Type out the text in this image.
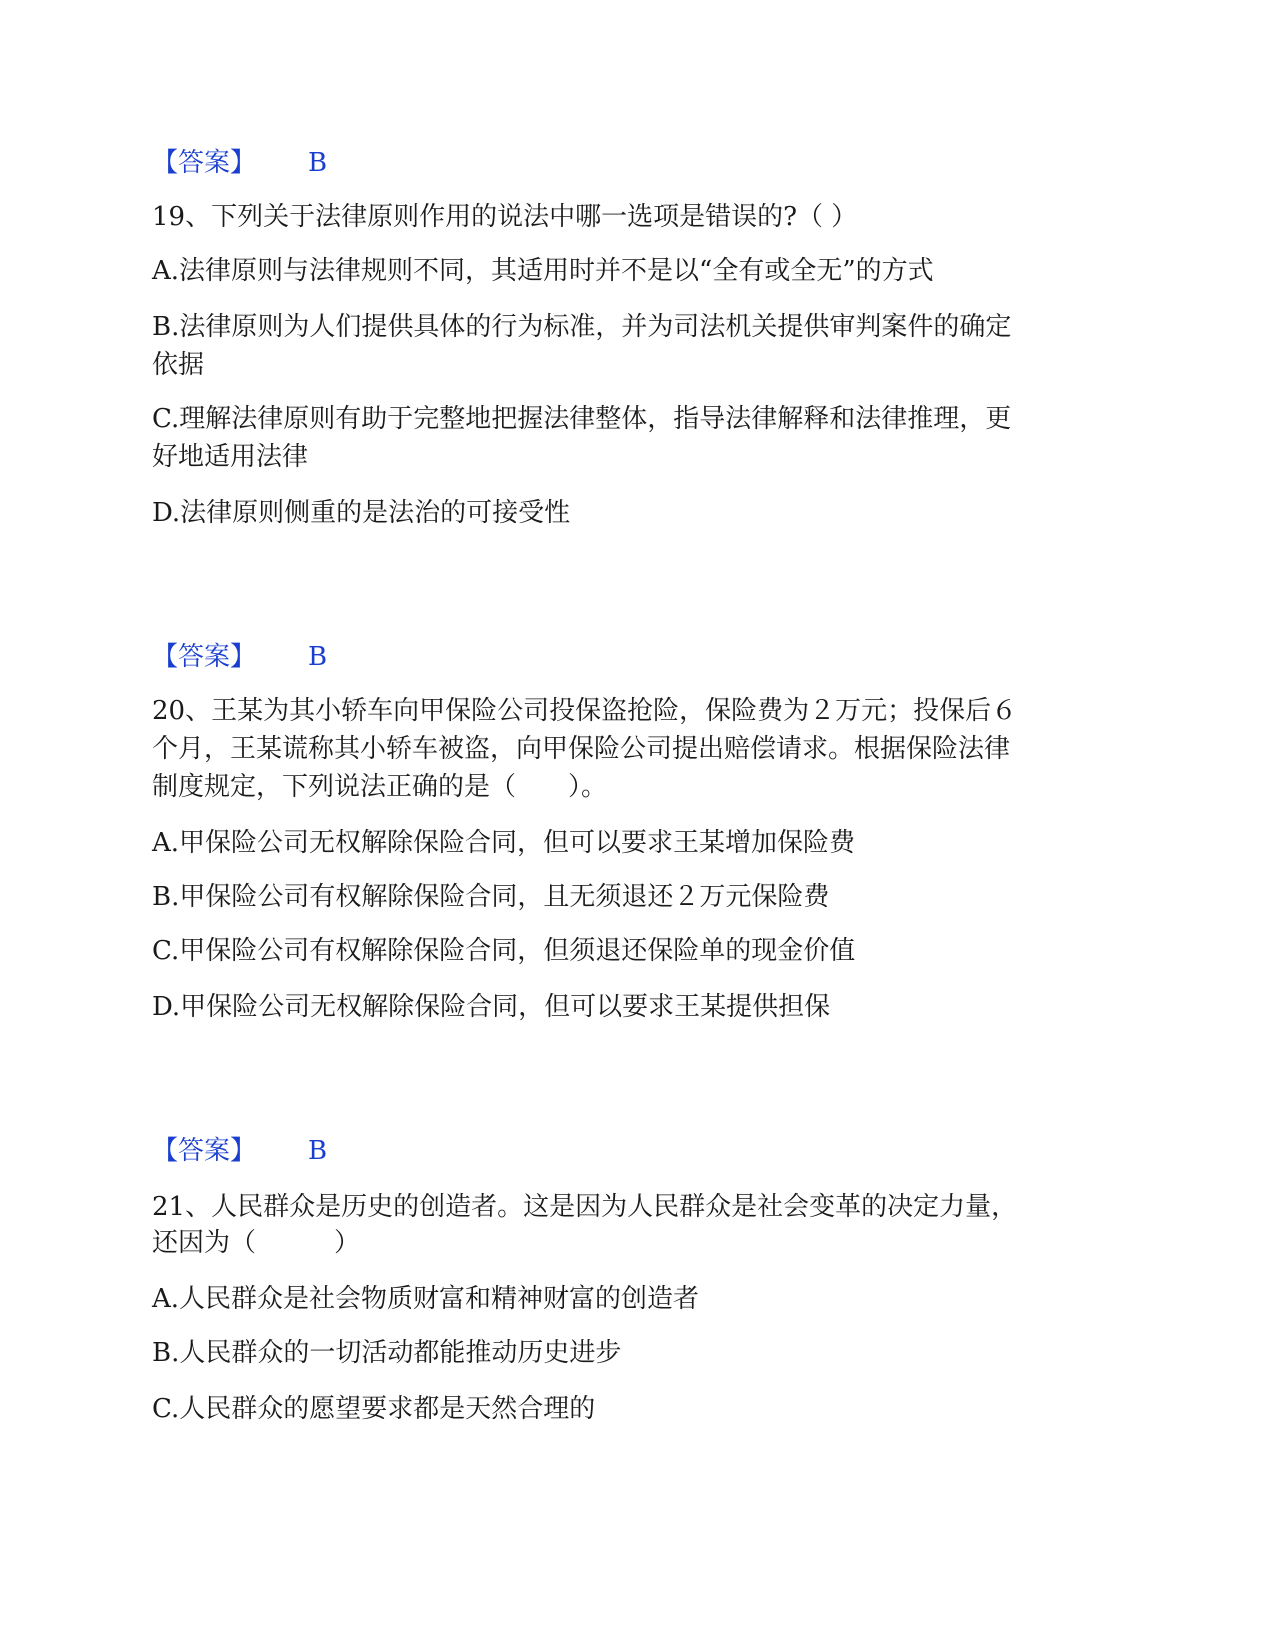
【答案】 B
19、下列关于法律原则作用的说法中哪一选项是错误的?（ ）
A.法律原则与法律规则不同，其适用时并不是以“全有或全无”的方式
B.法律原则为人们提供具体的行为标准，并为司法机关提供审判案件的确定
依据
C.理解法律原则有助于完整地把握法律整体，指导法律解释和法律推理，更
好地适用法律
D.法律原则侧重的是法治的可接受性
【答案】 B
20、王某为其小轿车向甲保险公司投保盗抢险，保险费为２万元；投保后６
个月，王某谎称其小轿车被盗，向甲保险公司提出赔偿请求。根据保险法律
制度规定，下列说法正确的是（　　）。
A.甲保险公司无权解除保险合同，但可以要求王某增加保险费
B.甲保险公司有权解除保险合同，且无须退还２万元保险费
C.甲保险公司有权解除保险合同，但须退还保险单的现金价值
D.甲保险公司无权解除保险合同，但可以要求王某提供担保
【答案】 B
21、人民群众是历史的创造者。这是因为人民群众是社会变革的决定力量，
还因为（　　　）
A.人民群众是社会物质财富和精神财富的创造者
B.人民群众的一切活动都能推动历史进步
C.人民群众的愿望要求都是天然合理的
